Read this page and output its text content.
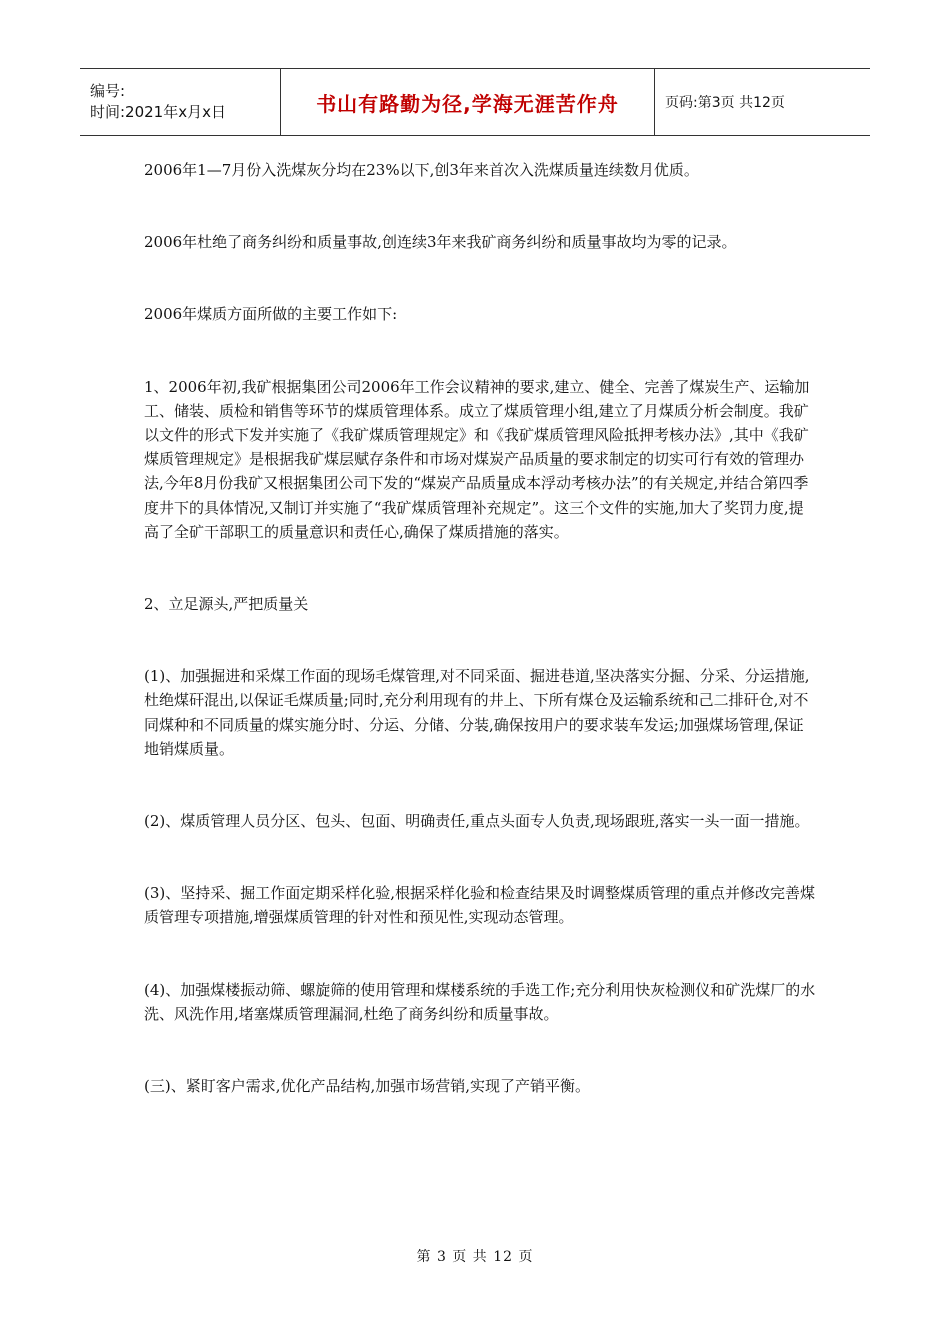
编号:
时间:2021年x月x日	书山有路勤为径,学海无涯苦作舟	页码:第3页 共12页

2006年1—7月份入洗煤灰分均在23%以下,创3年来首次入洗煤质量连续数月优质。

2006年杜绝了商务纠纷和质量事故,创连续3年来我矿商务纠纷和质量事故均为零的记录。

2006年煤质方面所做的主要工作如下:

1、2006年初,我矿根据集团公司2006年工作会议精神的要求,建立、健全、完善了煤炭生产、运输加工、储装、质检和销售等环节的煤质管理体系。成立了煤质管理小组,建立了月煤质分析会制度。我矿以文件的形式下发并实施了《我矿煤质管理规定》和《我矿煤质管理风险抵押考核办法》,其中《我矿煤质管理规定》是根据我矿煤层赋存条件和市场对煤炭产品质量的要求制定的切实可行有效的管理办法,今年8月份我矿又根据集团公司下发的“煤炭产品质量成本浮动考核办法”的有关规定,并结合第四季度井下的具体情况,又制订并实施了“我矿煤质管理补充规定”。这三个文件的实施,加大了奖罚力度,提高了全矿干部职工的质量意识和责任心,确保了煤质措施的落实。

2、立足源头,严把质量关

(1)、加强掘进和采煤工作面的现场毛煤管理,对不同采面、掘进巷道,坚决落实分掘、分采、分运措施,杜绝煤矸混出,以保证毛煤质量;同时,充分利用现有的井上、下所有煤仓及运输系统和己二排矸仓,对不同煤种和不同质量的煤实施分时、分运、分储、分装,确保按用户的要求装车发运;加强煤场管理,保证地销煤质量。

(2)、煤质管理人员分区、包头、包面、明确责任,重点头面专人负责,现场跟班,落实一头一面一措施。

(3)、坚持采、掘工作面定期采样化验,根据采样化验和检查结果及时调整煤质管理的重点并修改完善煤质管理专项措施,增强煤质管理的针对性和预见性,实现动态管理。

(4)、加强煤楼振动筛、螺旋筛的使用管理和煤楼系统的手选工作;充分利用快灰检测仪和矿洗煤厂的水洗、风洗作用,堵塞煤质管理漏洞,杜绝了商务纠纷和质量事故。

(三)、紧盯客户需求,优化产品结构,加强市场营销,实现了产销平衡。

第 3 页 共 12 页
